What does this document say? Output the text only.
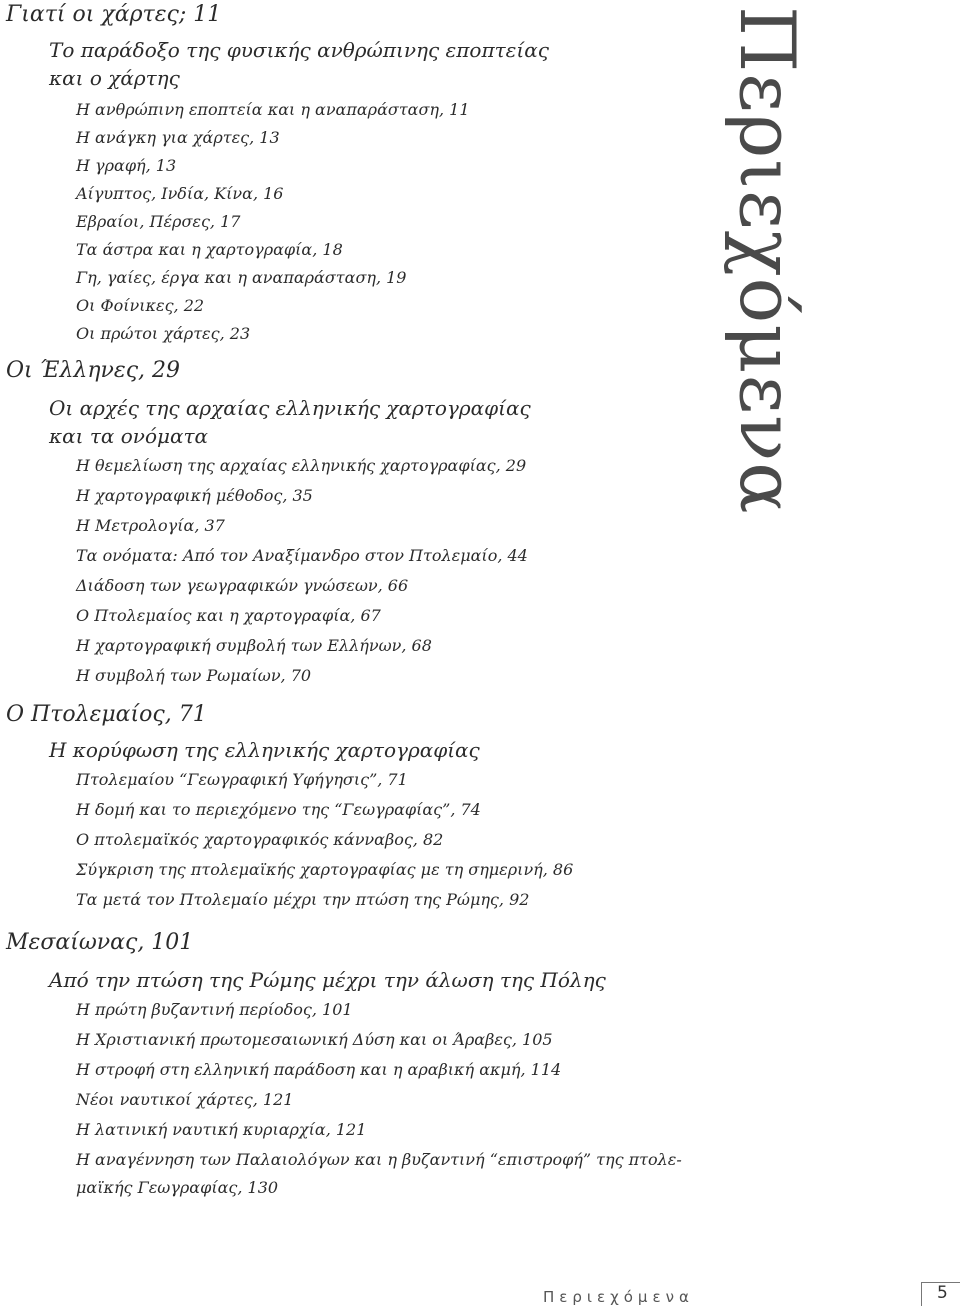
Γιατί οι χάρτες; 11
Το παράδοξο της φυσικής ανθρώπινης εποπτείας
και ο χάρτης
Η ανθρώπινη εποπτεία και η αναπαράσταση, 11
Η ανάγκη για χάρτες, 13
Η γραφή, 13
Αίγυπτος, Ινδία, Κίνα, 16
Εβραίοι, Πέρσες, 17
Τα άστρα και η χαρτογραφία, 18
Γη, γαίες, έργα και η αναπαράσταση, 19
Οι Φοίνικες, 22
Οι πρώτοι χάρτες, 23
Οι Έλληνες, 29
Οι αρχές της αρχαίας ελληνικής χαρτογραφίας
και τα ονόματα
Η θεμελίωση της αρχαίας ελληνικής χαρτογραφίας, 29
Η χαρτογραφική μέθοδος, 35
Η Μετρολογία, 37
Τα ονόματα: Από τον Αναξίμανδρο στον Πτολεμαίο, 44
Διάδοση των γεωγραφικών γνώσεων, 66
Ο Πτολεμαίος και η χαρτογραφία, 67
Η χαρτογραφική συμβολή των Ελλήνων, 68
Η συμβολή των Ρωμαίων, 70
Ο Πτολεμαίος, 71
Η κορύφωση της ελληνικής χαρτογραφίας
Πτολεμαίου “Γεωγραφική Υφήγησις”, 71
Η δομή και το περιεχόμενο της “Γεωγραφίας”, 74
Ο πτολεμαϊκός χαρτογραφικός κάνναβος, 82
Σύγκριση της πτολεμαϊκής χαρτογραφίας με τη σημερινή, 86
Τα μετά τον Πτολεμαίο μέχρι την πτώση της Ρώμης, 92
Μεσαίωνας, 101
Από την πτώση της Ρώμης μέχρι την άλωση της Πόλης
Η πρώτη βυζαντινή περίοδος, 101
Η Χριστιανική πρωτομεσαιωνική Δύση και οι Άραβες, 105
Η στροφή στη ελληνική παράδοση και η αραβική ακμή, 114
Νέοι ναυτικοί χάρτες, 121
Η λατινική ναυτική κυριαρχία, 121
Η αναγέννηση των Παλαιολόγων και η βυζαντινή “επιστροφή” της πτολε-
μαϊκής Γεωγραφίας, 130
Περιεχόμενα
Περιεχόμενα	5
